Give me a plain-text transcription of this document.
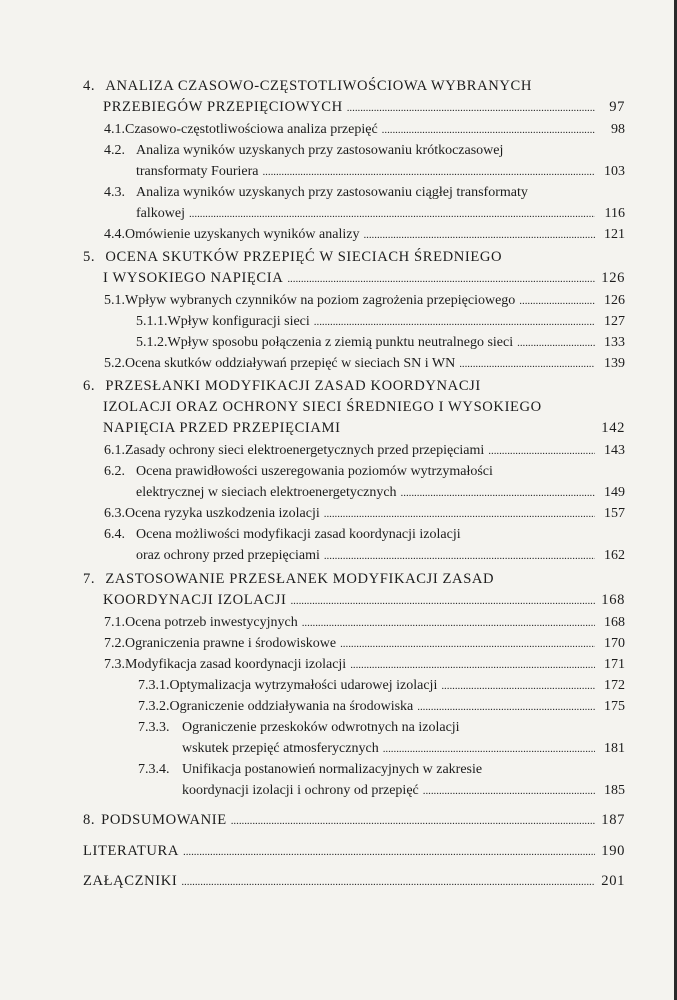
4. ANALIZA CZASOWO-CZĘSTOTLIWOŚCIOWA WYBRANYCH
PRZEBIEGÓW PRZEPIĘCIOWYCH . . .	97
4.1. Czasowo-częstotliwościowa analiza przepięć . . .	98
4.2. Analiza wyników uzyskanych przy zastosowaniu krótkoczasowej
transformaty Fouriera . . .	103
4.3. Analiza wyników uzyskanych przy zastosowaniu ciągłej transformaty
falkowej . . .	116
4.4. Omówienie uzyskanych wyników analizy . . .	121
5. OCENA SKUTKÓW PRZEPIĘĆ W SIECIACH ŚREDNIEGO
I WYSOKIEGO NAPIĘCIA . . .	126
5.1. Wpływ wybranych czynników na poziom zagrożenia przepięciowego . . .	126
5.1.1. Wpływ konfiguracji sieci . . .	127
5.1.2. Wpływ sposobu połączenia z ziemią punktu neutralnego sieci . . .	133
5.2. Ocena skutków oddziaływań przepięć w sieciach SN i WN . . .	139
6. PRZESŁANKI MODYFIKACJI ZASAD KOORDYNACJI
IZOLACJI ORAZ OCHRONY SIECI ŚREDNIEGO I WYSOKIEGO
NAPIĘCIA PRZED PRZEPIĘCIAMI	142
6.1. Zasady ochrony sieci elektroenergetycznych przed przepięciami . . .	143
6.2. Ocena prawidłowości uszeregowania poziomów wytrzymałości
elektrycznej w sieciach elektroenergetycznych . . .	149
6.3. Ocena ryzyka uszkodzenia izolacji . . .	157
6.4. Ocena możliwości modyfikacji zasad koordynacji izolacji
oraz ochrony przed przepięciami . . .	162
7. ZASTOSOWANIE PRZESŁANEK MODYFIKACJI ZASAD
KOORDYNACJI IZOLACJI . . .	168
7.1. Ocena potrzeb inwestycyjnych . . .	168
7.2. Ograniczenia prawne i środowiskowe . . .	170
7.3. Modyfikacja zasad koordynacji izolacji . . .	171
7.3.1. Optymalizacja wytrzymałości udarowej izolacji . . .	172
7.3.2. Ograniczenie oddziaływania na środowiska . . .	175
7.3.3. Ograniczenie przeskoków odwrotnych na izolacji
wskutek przepięć atmosferycznych . . .	181
7.3.4. Unifikacja postanowień normalizacyjnych w zakresie
koordynacji izolacji i ochrony od przepięć . . .	185
8. PODSUMOWANIE . . .	187
LITERATURA . . .	190
ZAŁĄCZNIKI . . .	201
